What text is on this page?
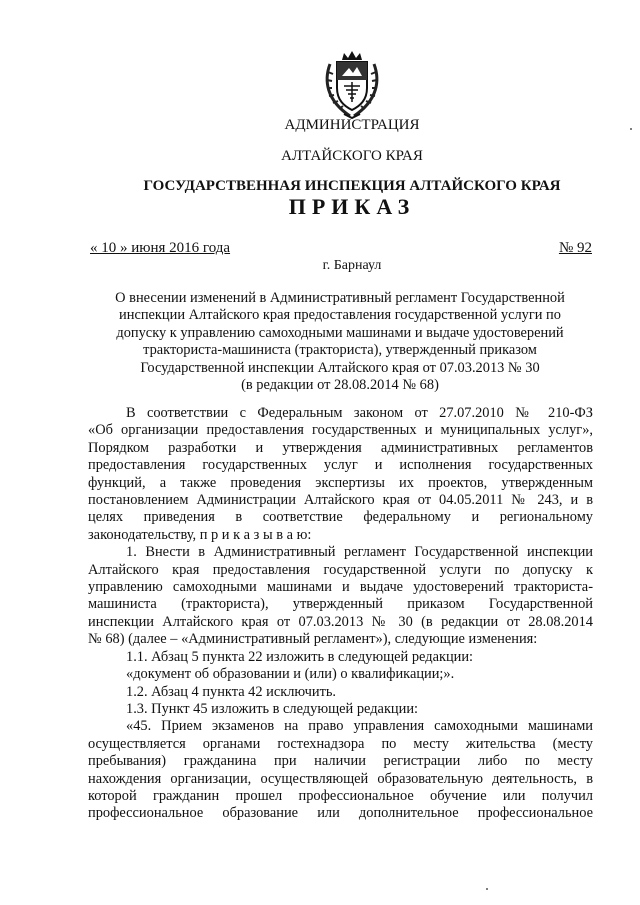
АДМИНИСТРАЦИЯ
АЛТАЙСКОГО КРАЯ
ГОСУДАРСТВЕННАЯ ИНСПЕКЦИЯ АЛТАЙСКОГО КРАЯ
ПРИКАЗ
« 10 » июня 2016 года	№ 92
г. Барнаул
О внесении изменений в Административный регламент Государственной
инспекции Алтайского края предоставления государственной услуги по
допуску к управлению самоходными машинами и выдаче удостоверений
тракториста-машиниста (тракториста), утвержденный приказом
Государственной инспекции Алтайского края от 07.03.2013 № 30
(в редакции от 28.08.2014 № 68)
В соответствии с Федеральным законом от 27.07.2010 № 210-ФЗ
«Об организации предоставления государственных и муниципальных услуг»,
Порядком разработки и утверждения административных регламентов
предоставления государственных услуг и исполнения государственных
функций, а также проведения экспертизы их проектов, утвержденным
постановлением Администрации Алтайского края от 04.05.2011 № 243, и в
целях приведения в соответствие федеральному и региональному
законодательству, п р и к а з ы в а ю:
1. Внести в Административный регламент Государственной инспекции
Алтайского края предоставления государственной услуги по допуску к
управлению самоходными машинами и выдаче удостоверений тракториста-
машиниста (тракториста), утвержденный приказом Государственной
инспекции Алтайского края от 07.03.2013 № 30 (в редакции от 28.08.2014
№ 68) (далее – «Административный регламент»), следующие изменения:
1.1. Абзац 5 пункта 22 изложить в следующей редакции:
«документ об образовании и (или) о квалификации;».
1.2. Абзац 4 пункта 42 исключить.
1.3. Пункт 45 изложить в следующей редакции:
«45. Прием экзаменов на право управления самоходными машинами
осуществляется органами гостехнадзора по месту жительства (месту
пребывания) гражданина при наличии регистрации либо по месту
нахождения организации, осуществляющей образовательную деятельность, в
которой гражданин прошел профессиональное обучение или получил
профессиональное образование или дополнительное профессиональное
